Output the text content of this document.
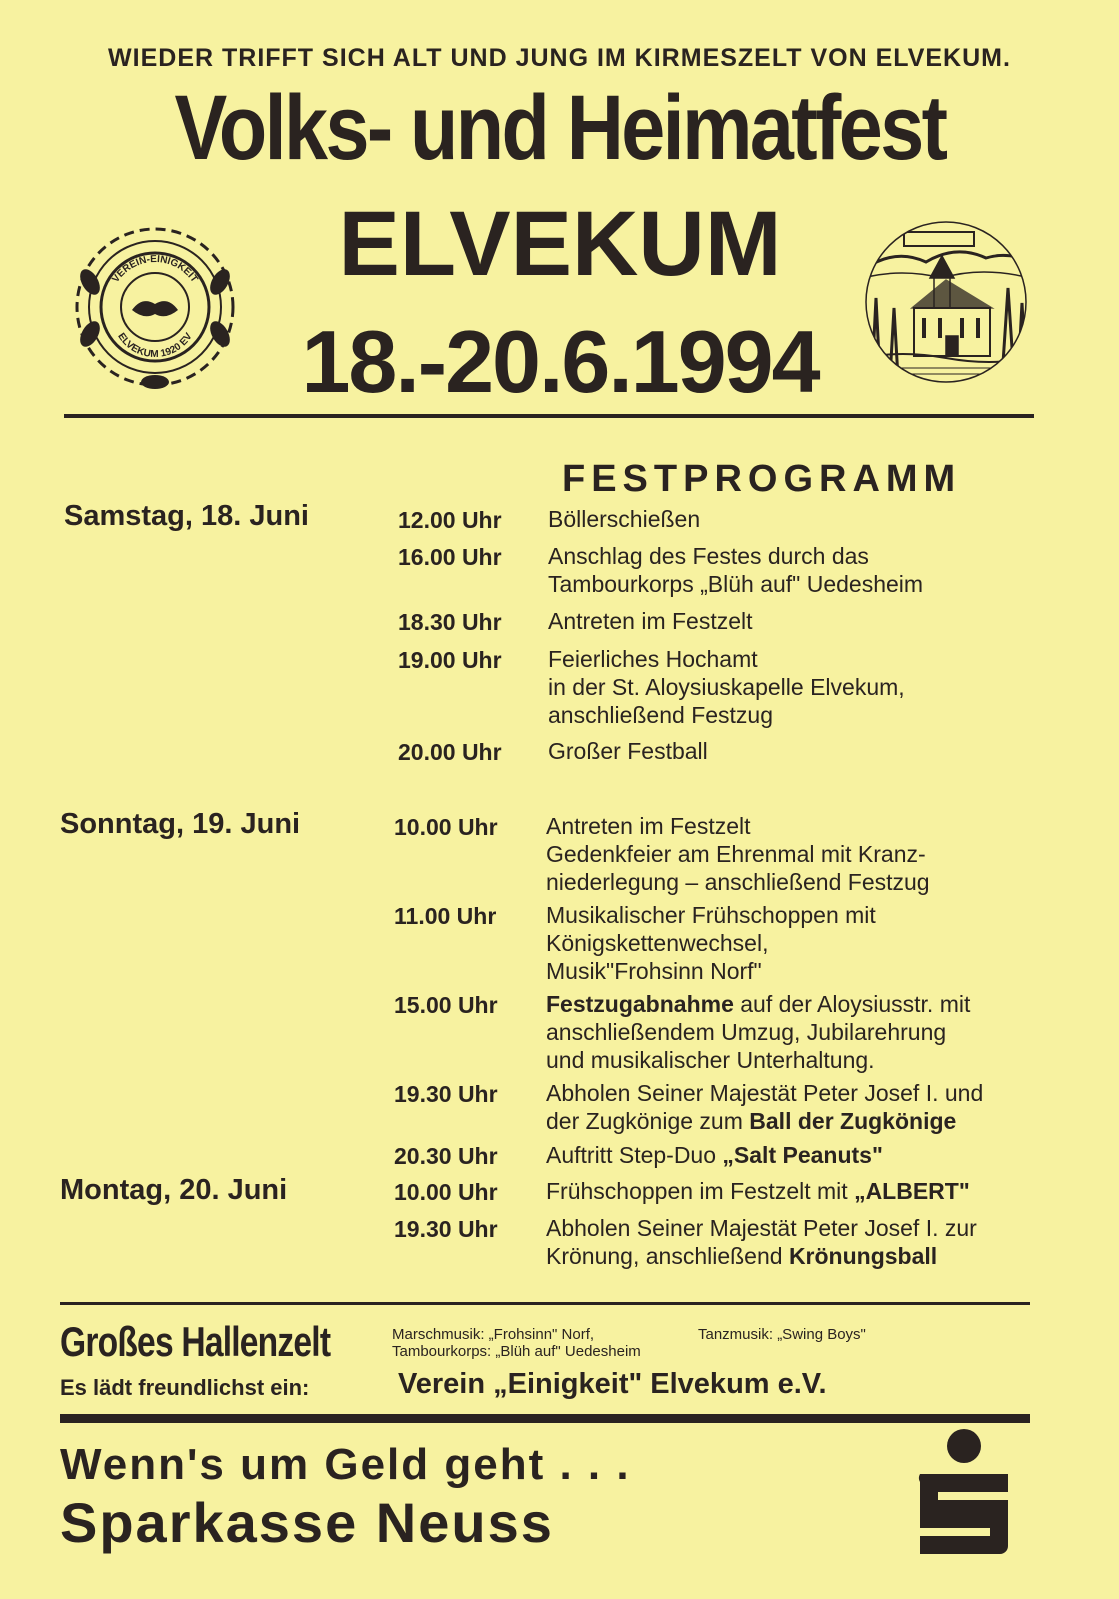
WIEDER TRIFFT SICH ALT UND JUNG IM KIRMESZELT VON ELVEKUM.
Volks- und Heimatfest
ELVEKUM
18.-20.6.1994
VEREIN-EINIGKEIT
ELVEKUM 1920 EV
FESTPROGRAMM
Samstag, 18. Juni	12.00 Uhr Böllerschießen
16.00 Uhr Anschlag des Festes durch das
Tambourkorps „Blüh auf" Uedesheim
18.30 Uhr Antreten im Festzelt
19.00 Uhr Feierliches Hochamt
in der St. Aloysiuskapelle Elvekum,
anschließend Festzug
20.00 Uhr Großer Festball
Sonntag, 19. Juni	10.00 Uhr Antreten im Festzelt
Gedenkfeier am Ehrenmal mit Kranz-
niederlegung – anschließend Festzug
11.00 Uhr Musikalischer Frühschoppen mit
Königskettenwechsel,
Musik"Frohsinn Norf"
15.00 Uhr Festzugabnahme auf der Aloysiusstr. mit
anschließendem Umzug, Jubilarehrung
und musikalischer Unterhaltung.
19.30 Uhr Abholen Seiner Majestät Peter Josef I. und
der Zugkönige zum Ball der Zugkönige
20.30 Uhr Auftritt Step-Duo „Salt Peanuts"
Montag, 20. Juni	10.00 Uhr Frühschoppen im Festzelt mit „ALBERT"
19.30 Uhr Abholen Seiner Majestät Peter Josef I. zur
Krönung, anschließend Krönungsball
Großes Hallenzelt	Marschmusik: „Frohsinn" Norf,
Tambourkorps: „Blüh auf" Uedesheim
Tanzmusik: „Swing Boys"
Es lädt freundlichst ein:	Verein „Einigkeit" Elvekum e.V.
Wenn's um Geld geht . . .
Sparkasse Neuss
